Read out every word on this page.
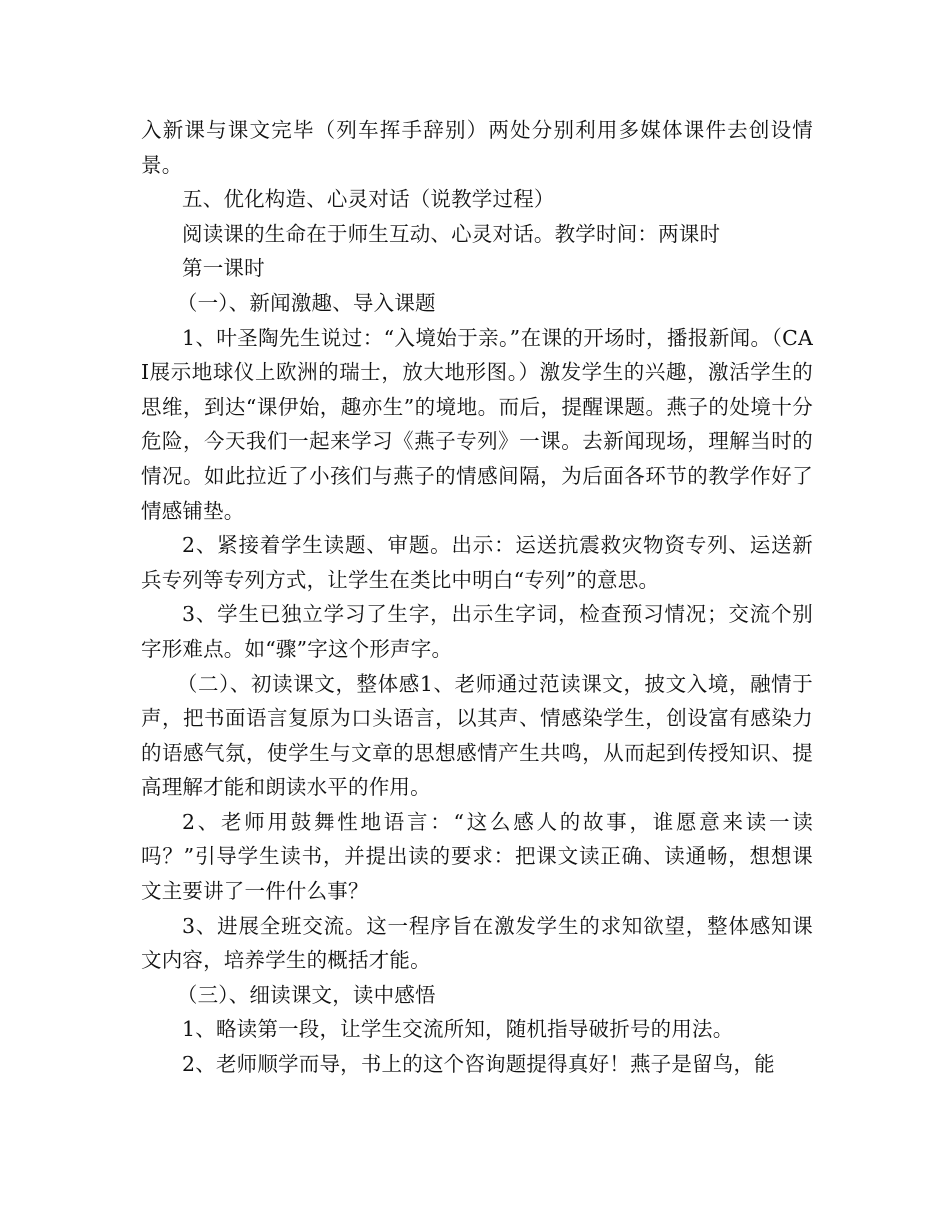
入新课与课文完毕（列车挥手辞别）两处分别利用多媒体课件去创设情景。

五、优化构造、心灵对话（说教学过程）

阅读课的生命在于师生互动、心灵对话。教学时间：两课时

第一课时

（一）、新闻激趣、导入课题

1、叶圣陶先生说过：“入境始于亲。”在课的开场时，播报新闻。（CAI展示地球仪上欧洲的瑞士，放大地形图。）激发学生的兴趣，激活学生的思维，到达“课伊始，趣亦生”的境地。而后，提醒课题。燕子的处境十分危险，今天我们一起来学习《燕子专列》一课。去新闻现场，理解当时的情况。如此拉近了小孩们与燕子的情感间隔，为后面各环节的教学作好了情感铺垫。

2、紧接着学生读题、审题。出示：运送抗震救灾物资专列、运送新兵专列等专列方式，让学生在类比中明白“专列”的意思。

3、学生已独立学习了生字，出示生字词，检查预习情况；交流个别字形难点。如“骤”字这个形声字。

（二）、初读课文，整体感1、老师通过范读课文，披文入境，融情于声，把书面语言复原为口头语言，以其声、情感染学生，创设富有感染力的语感气氛，使学生与文章的思想感情产生共鸣，从而起到传授知识、提高理解才能和朗读水平的作用。

2、老师用鼓舞性地语言：“这么感人的故事，谁愿意来读一读吗？”引导学生读书，并提出读的要求：把课文读正确、读通畅，想想课文主要讲了一件什么事？

3、进展全班交流。这一程序旨在激发学生的求知欲望，整体感知课文内容，培养学生的概括才能。

（三）、细读课文，读中感悟

1、略读第一段，让学生交流所知，随机指导破折号的用法。

2、老师顺学而导，书上的这个咨询题提得真好！燕子是留鸟，能
